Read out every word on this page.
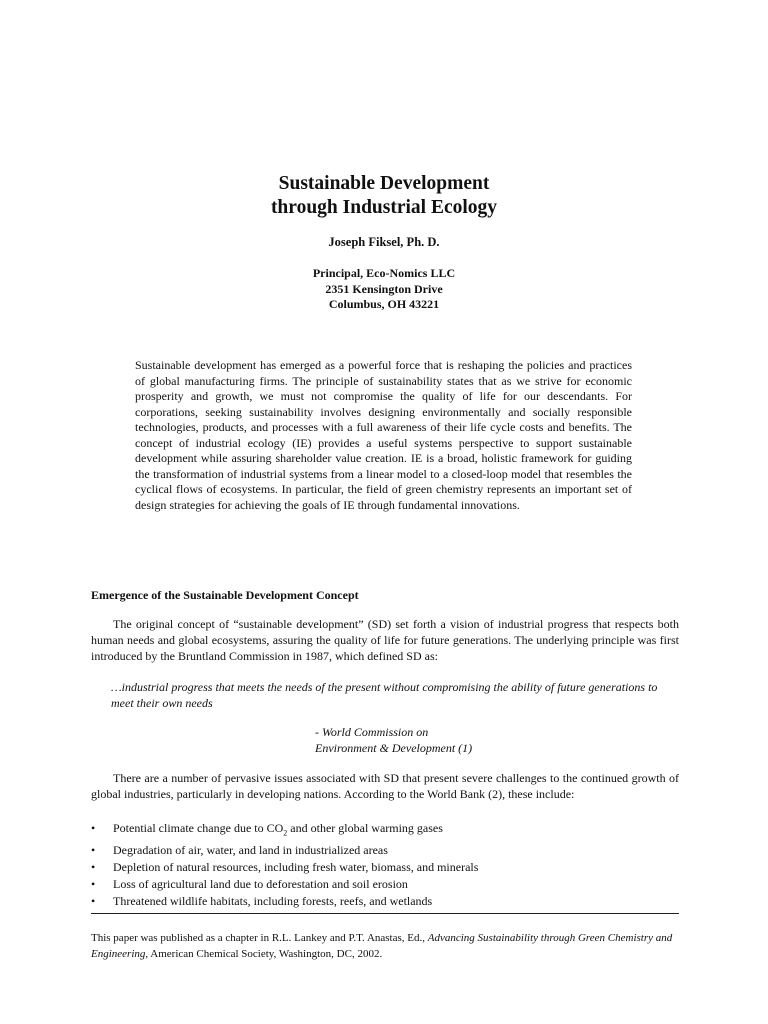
Sustainable Development
through Industrial Ecology
Joseph Fiksel, Ph. D.
Principal, Eco-Nomics LLC
2351 Kensington Drive
Columbus, OH 43221
Sustainable development has emerged as a powerful force that is reshaping the policies and practices of global manufacturing firms. The principle of sustainability states that as we strive for economic prosperity and growth, we must not compromise the quality of life for our descendants. For corporations, seeking sustainability involves designing environmentally and socially responsible technologies, products, and processes with a full awareness of their life cycle costs and benefits. The concept of industrial ecology (IE) provides a useful systems perspective to support sustainable development while assuring shareholder value creation. IE is a broad, holistic framework for guiding the transformation of industrial systems from a linear model to a closed-loop model that resembles the cyclical flows of ecosystems. In particular, the field of green chemistry represents an important set of design strategies for achieving the goals of IE through fundamental innovations.
Emergence of the Sustainable Development Concept
The original concept of “sustainable development” (SD) set forth a vision of industrial progress that respects both human needs and global ecosystems, assuring the quality of life for future generations. The underlying principle was first introduced by the Bruntland Commission in 1987, which defined SD as:
…industrial progress that meets the needs of the present without compromising the ability of future generations to meet their own needs
- World Commission on
Environment & Development (1)
There are a number of pervasive issues associated with SD that present severe challenges to the continued growth of global industries, particularly in developing nations. According to the World Bank (2), these include:
• Potential climate change due to $CO_2$ and other global warming gases
• Degradation of air, water, and land in industrialized areas
• Depletion of natural resources, including fresh water, biomass, and minerals
• Loss of agricultural land due to deforestation and soil erosion
• Threatened wildlife habitats, including forests, reefs, and wetlands
This paper was published as a chapter in R.L. Lankey and P.T. Anastas, Ed., Advancing Sustainability through Green Chemistry and Engineering, American Chemical Society, Washington, DC, 2002.
